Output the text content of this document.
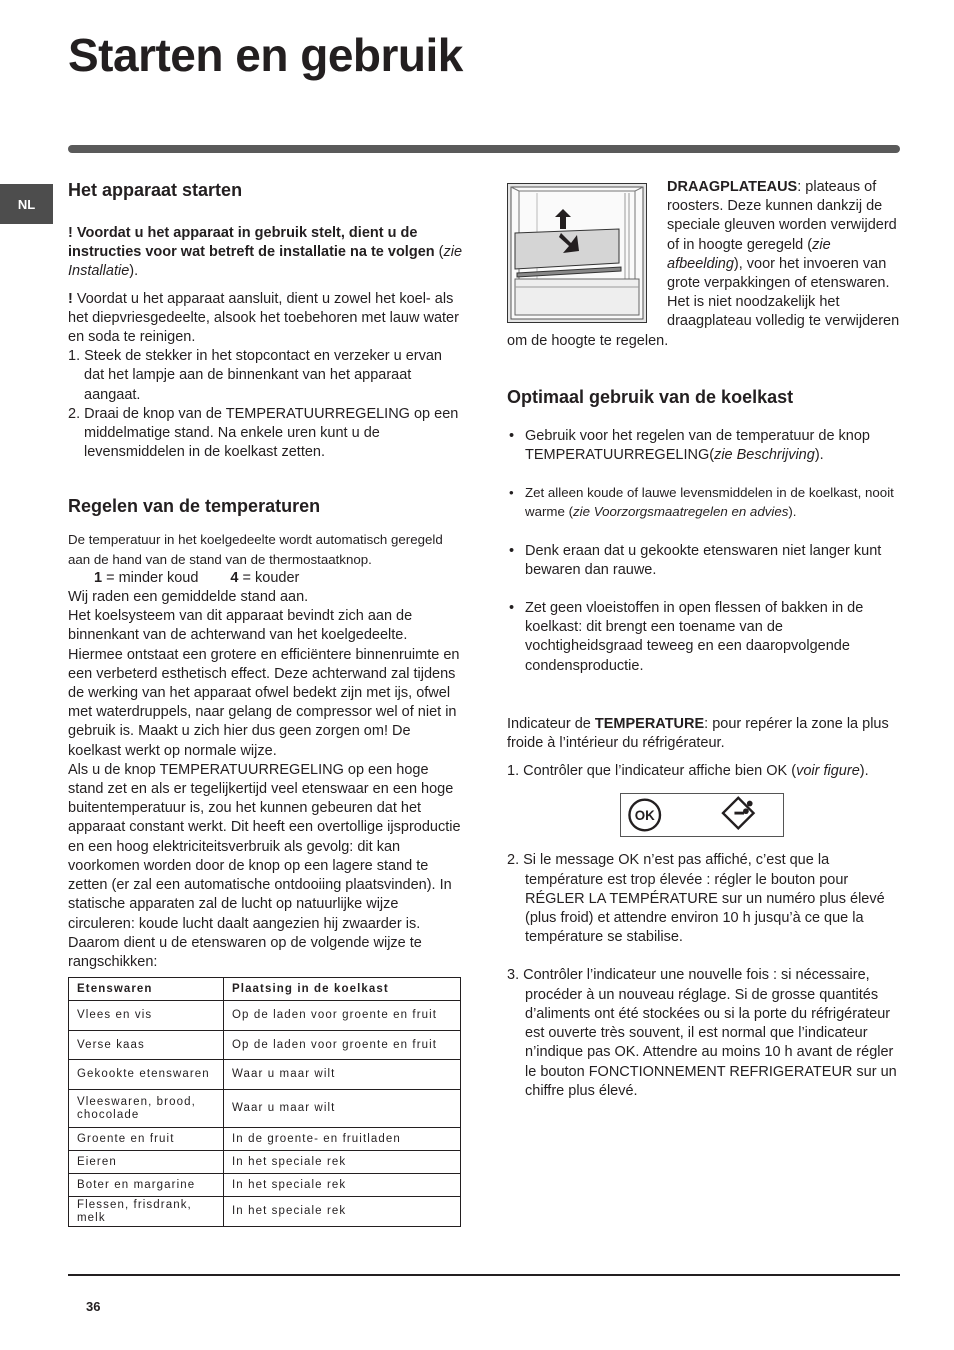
Starten en gebruik
NL
Het apparaat starten

! Voordat u het apparaat in gebruik stelt, dient u de instructies voor wat betreft de installatie na te volgen (zie Installatie).

! Voordat u het apparaat aansluit, dient u zowel het koel- als het diepvriesgedeelte, alsook het toebehoren met lauw water en soda te reinigen.

1. Steek de stekker in het stopcontact en verzeker u ervan dat het lampje aan de binnenkant van het apparaat aangaat.
2. Draai de knop van de TEMPERATUURREGELING op een middelmatige stand. Na enkele uren kunt u de levensmiddelen in de koelkast zetten.
Regelen van de temperaturen

De temperatuur in het koelgedeelte wordt automatisch geregeld aan de hand van de stand van de thermostaatknop.

1 = minder koud 4 = kouder

Wij raden een gemiddelde stand aan.

Het koelsysteem van dit apparaat bevindt zich aan de binnenkant van de achterwand van het koelgedeelte. Hiermee ontstaat een grotere en efficiëntere binnenruimte en een verbeterd esthetisch effect. Deze achterwand zal tijdens de werking van het apparaat ofwel bedekt zijn met ijs, ofwel met waterdruppels, naar gelang de compressor wel of niet in gebruik is. Maakt u zich hier dus geen zorgen om! De koelkast werkt op normale wijze.

Als u de knop TEMPERATUURREGELING op een hoge stand zet en als er tegelijkertijd veel etenswaar en een hoge buitentemperatuur is, zou het kunnen gebeuren dat het apparaat constant werkt. Dit heeft een overtollige ijsproductie en een hoog elektriciteitsverbruik als gevolg: dit kan voorkomen worden door de knop op een lagere stand te zetten (er zal een automatische ontdooiing plaatsvinden). In statische apparaten zal de lucht op natuurlijke wijze circuleren: koude lucht daalt aangezien hij zwaarder is. Daarom dient u de etenswaren op de volgende wijze te rangschikken:

Etenswaren	Plaatsing in de koelkast
Vlees en vis	Op de laden voor groente en fruit
Verse kaas	Op de laden voor groente en fruit
Gekookte etenswaren	Waar u maar wilt
Vleeswaren, brood, chocolade	Waar u maar wilt
Groente en fruit	In de groente- en fruitladen
Eieren	In het speciale rek
Boter en margarine	In het speciale rek
Flessen, frisdrank, melk	In het speciale rek

DRAAGPLATEAUS: plateaus of roosters. Deze kunnen dankzij de speciale gleuven worden verwijderd of in hoogte geregeld (zie afbeelding), voor het invoeren van grote verpakkingen of etenswaren. Het is niet noodzakelijk het draagplateau volledig te verwijderen om de hoogte te regelen.

Optimaal gebruik van de koelkast
• Gebruik voor het regelen van de temperatuur de knop TEMPERATUURREGELING(zie Beschrijving).
• Zet alleen koude of lauwe levensmiddelen in de koelkast, nooit warme (zie Voorzorgsmaatregelen en advies).
• Denk eraan dat u gekookte etenswaren niet langer kunt bewaren dan rauwe.
• Zet geen vloeistoffen in open flessen of bakken in de koelkast: dit brengt een toename van de vochtigheidsgraad teweeg en een daaropvolgende condensproductie.

Indicateur de TEMPERATURE: pour repérer la zone la plus froide à l’intérieur du réfrigérateur.

1. Contrôler que l’indicateur affiche bien OK (voir figure).

OK

2. Si le message OK n’est pas affiché, c’est que la température est trop élevée : régler le bouton pour RÉGLER LA TEMPÉRATURE sur un numéro plus élevé (plus froid) et attendre environ 10 h jusqu’à ce que la température se stabilise.

3. Contrôler l’indicateur une nouvelle fois : si nécessaire, procéder à un nouveau réglage. Si de grosse quantités d’aliments ont été stockées ou si la porte du réfrigérateur est ouverte très souvent, il est normal que l’indicateur n’indique pas OK. Attendre au moins 10 h avant de régler le bouton FONCTIONNEMENT REFRIGERATEUR sur un chiffre plus élevé.

36
